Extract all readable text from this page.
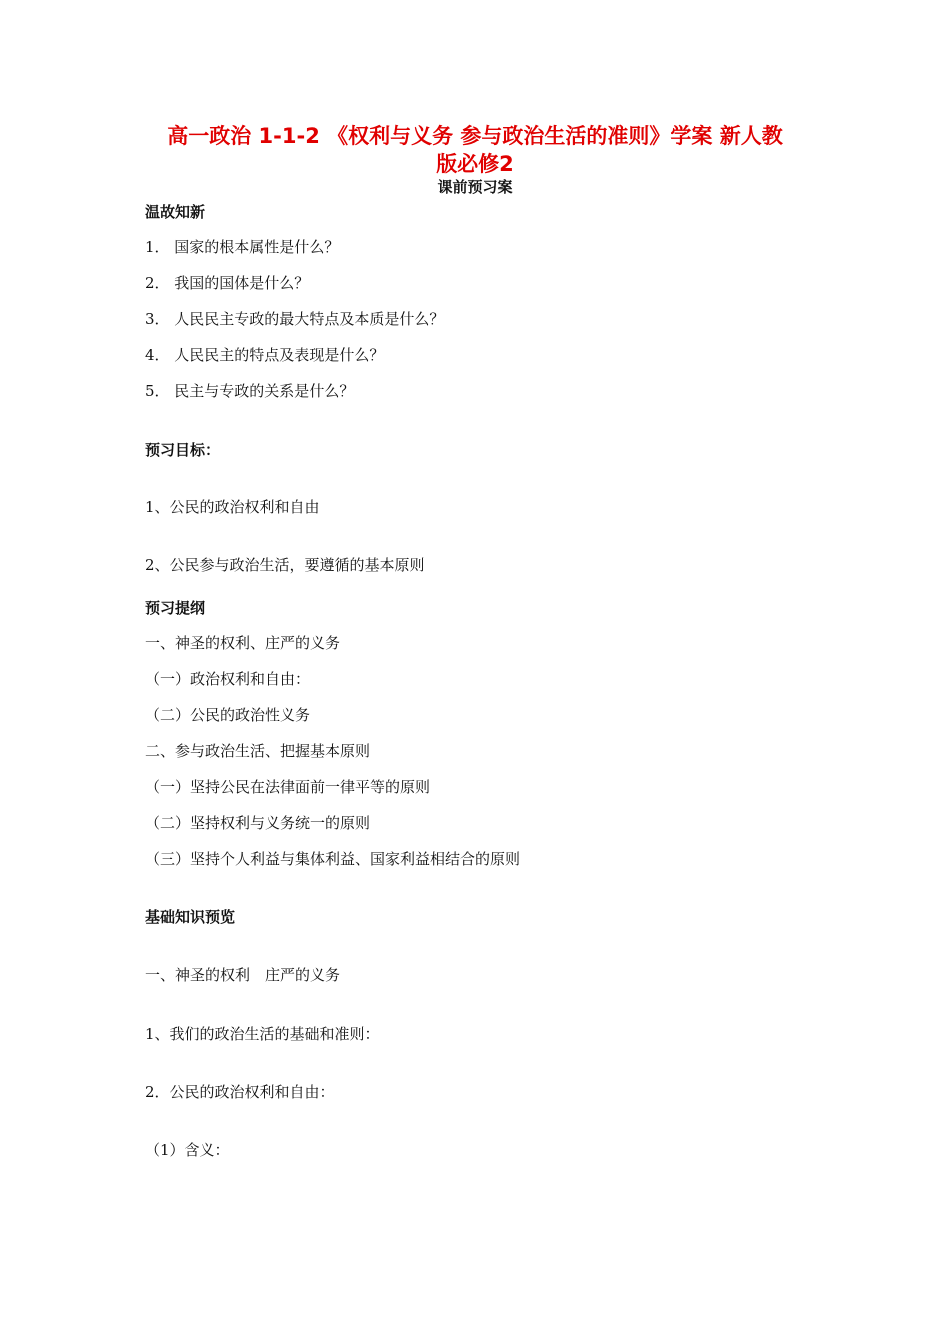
高一政治 1-1-2 《权利与义务 参与政治生活的准则》学案 新人教
版必修2
课前预习案
温故知新
1． 国家的根本属性是什么？
2． 我国的国体是什么？
3． 人民民主专政的最大特点及本质是什么？
4． 人民民主的特点及表现是什么？
5． 民主与专政的关系是什么？
预习目标：
1、公民的政治权利和自由
2、公民参与政治生活，要遵循的基本原则
预习提纲
一、神圣的权利、庄严的义务
（一）政治权利和自由：
（二）公民的政治性义务
二、参与政治生活、把握基本原则
（一）坚持公民在法律面前一律平等的原则
（二）坚持权利与义务统一的原则
（三）坚持个人利益与集体利益、国家利益相结合的原则
基础知识预览
一、神圣的权利　庄严的义务
1、我们的政治生活的基础和准则：
2．公民的政治权利和自由：
（1）含义：
